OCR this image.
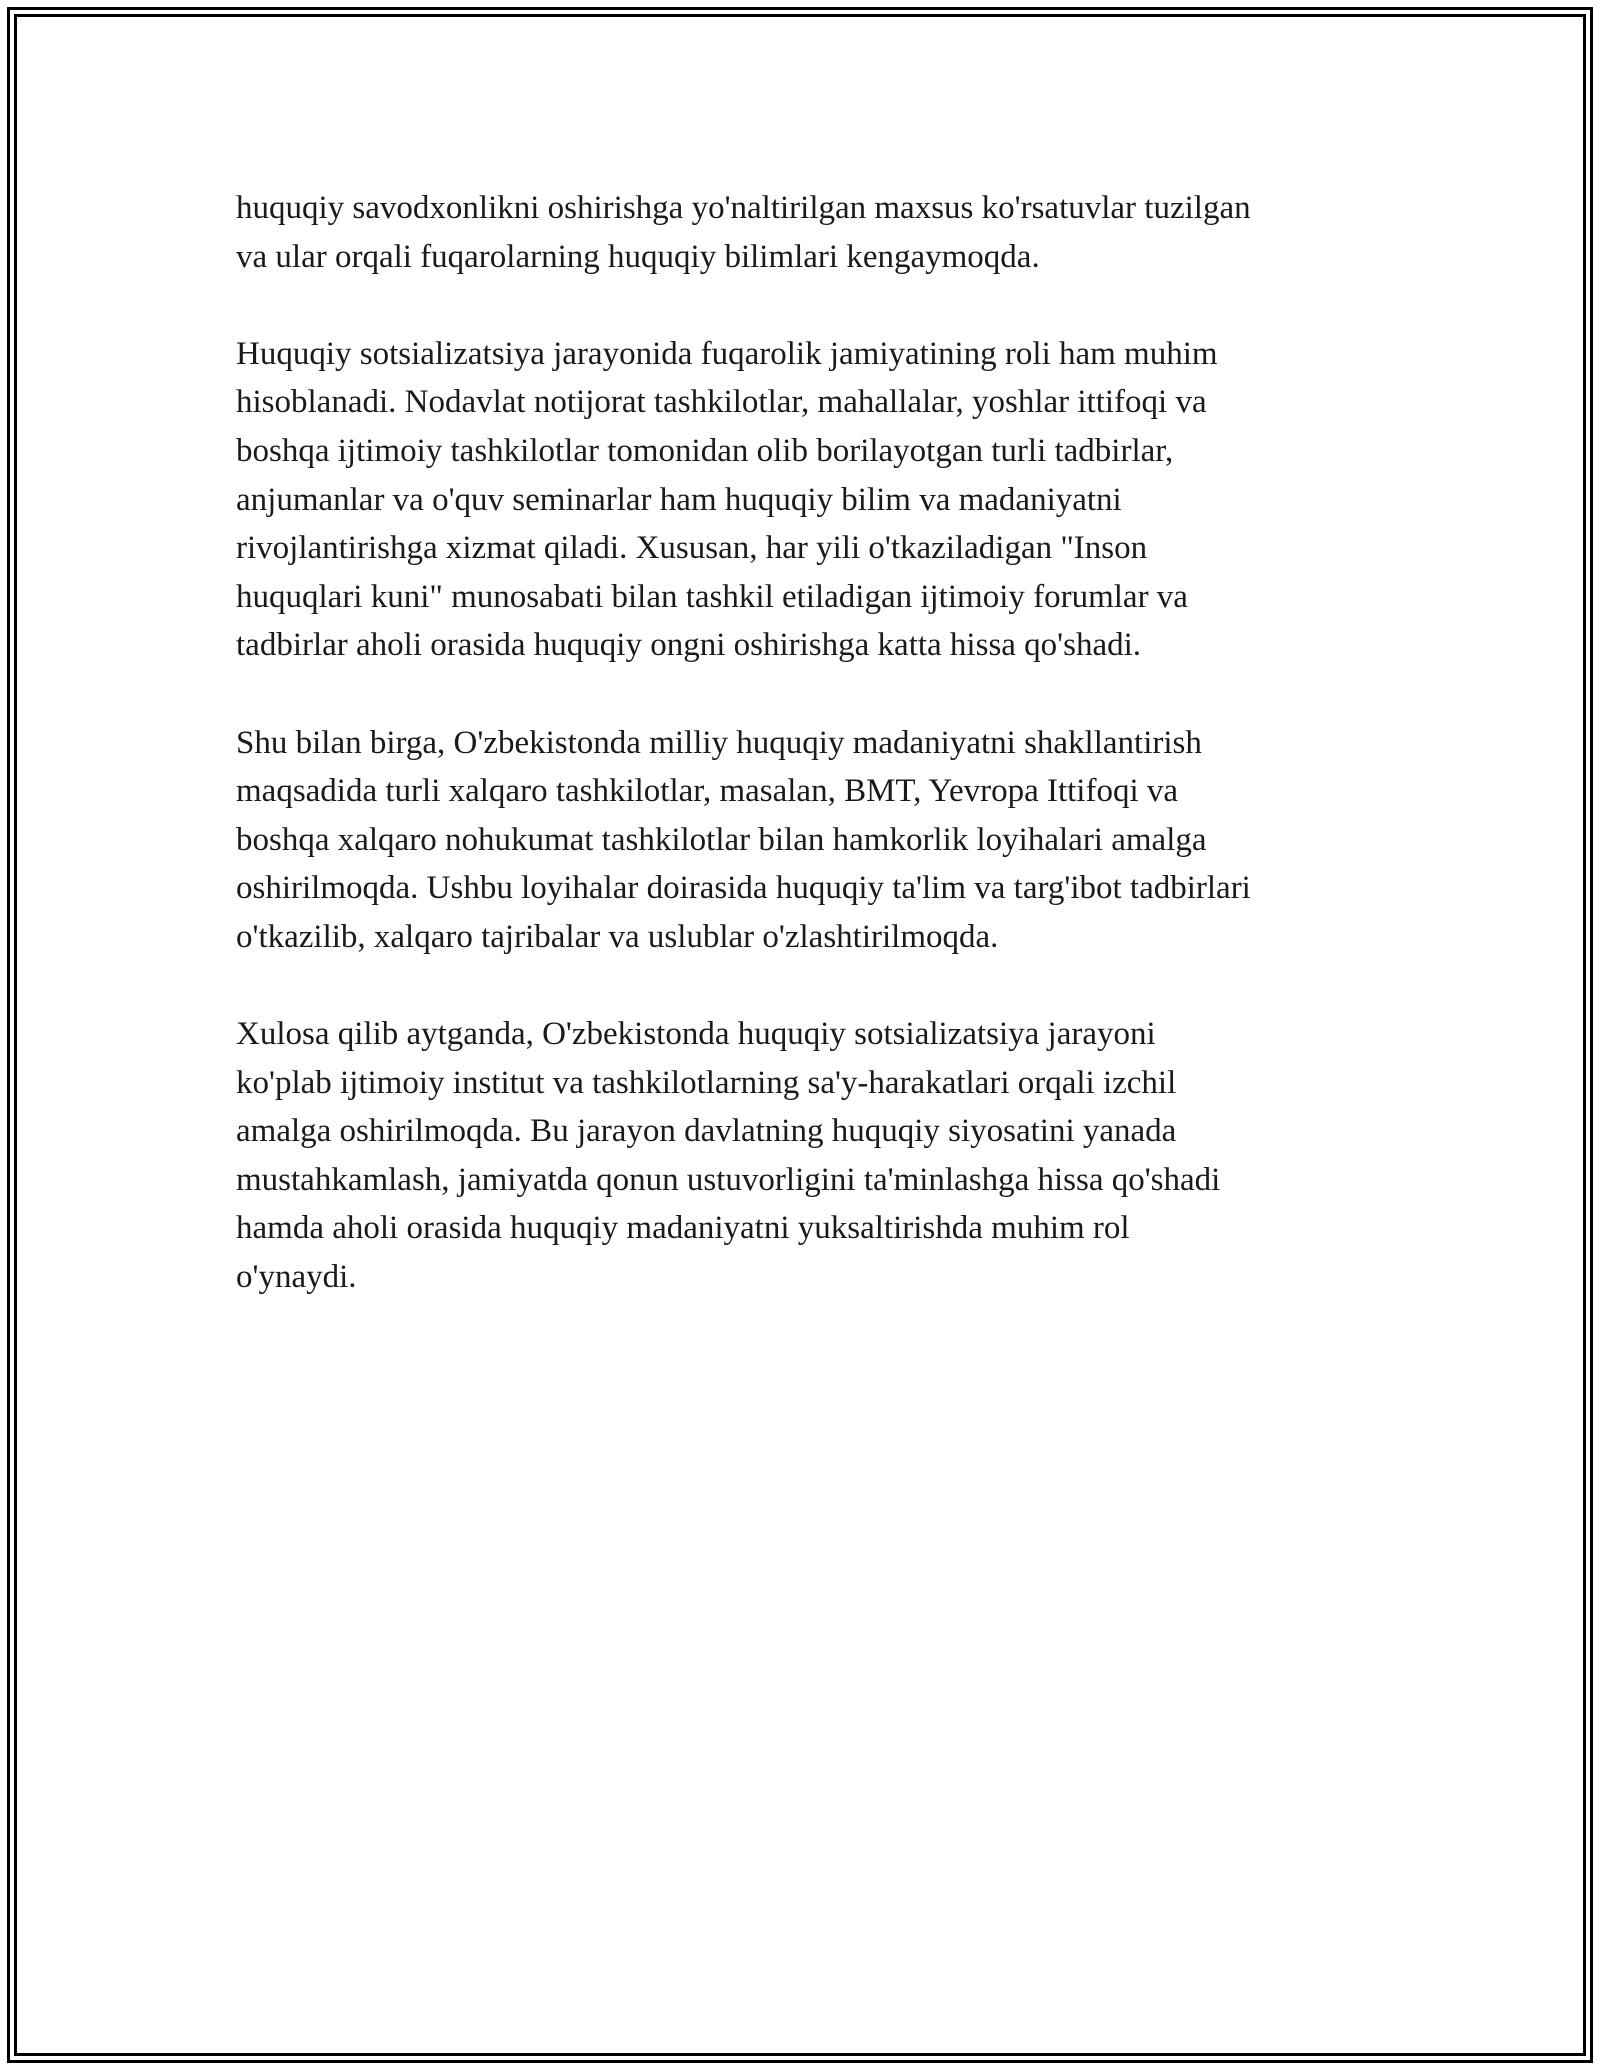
huquqiy savodxonlikni oshirishga yo'naltirilgan maxsus ko'rsatuvlar tuzilgan
va ular orqali fuqarolarning huquqiy bilimlari kengaymoqda.

Huquqiy sotsializatsiya jarayonida fuqarolik jamiyatining roli ham muhim
hisoblanadi. Nodavlat notijorat tashkilotlar, mahallalar, yoshlar ittifoqi va
boshqa ijtimoiy tashkilotlar tomonidan olib borilayotgan turli tadbirlar,
anjumanlar va o'quv seminarlar ham huquqiy bilim va madaniyatni
rivojlantirishga xizmat qiladi. Xususan, har yili o'tkaziladigan "Inson
huquqlari kuni" munosabati bilan tashkil etiladigan ijtimoiy forumlar va
tadbirlar aholi orasida huquqiy ongni oshirishga katta hissa qo'shadi.

Shu bilan birga, O'zbekistonda milliy huquqiy madaniyatni shakllantirish
maqsadida turli xalqaro tashkilotlar, masalan, BMT, Yevropa Ittifoqi va
boshqa xalqaro nohukumat tashkilotlar bilan hamkorlik loyihalari amalga
oshirilmoqda. Ushbu loyihalar doirasida huquqiy ta'lim va targ'ibot tadbirlari
o'tkazilib, xalqaro tajribalar va uslublar o'zlashtirilmoqda.

Xulosa qilib aytganda, O'zbekistonda huquqiy sotsializatsiya jarayoni
ko'plab ijtimoiy institut va tashkilotlarning sa'y-harakatlari orqali izchil
amalga oshirilmoqda. Bu jarayon davlatning huquqiy siyosatini yanada
mustahkamlash, jamiyatda qonun ustuvorligini ta'minlashga hissa qo'shadi
hamda aholi orasida huquqiy madaniyatni yuksaltirishda muhim rol
o'ynaydi.
